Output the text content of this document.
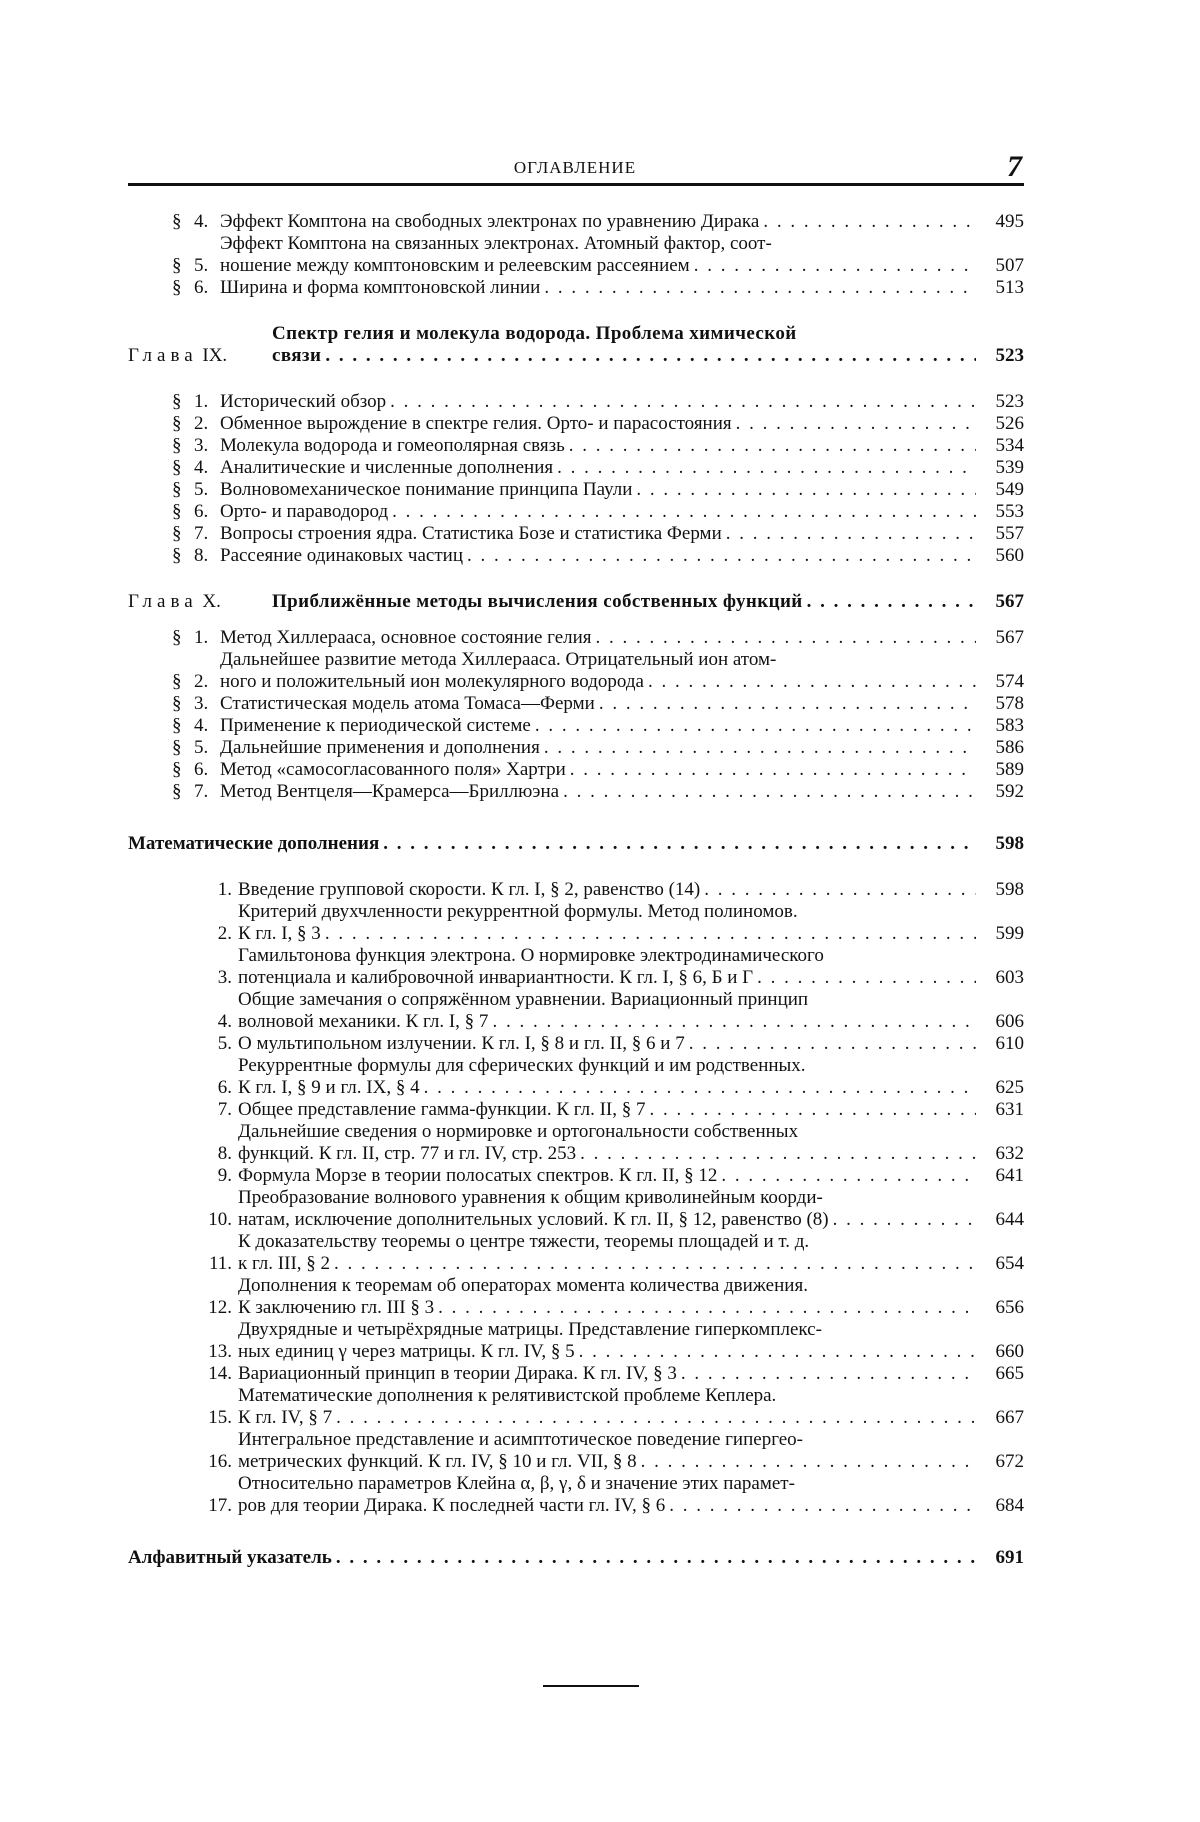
ОГЛАВЛЕНИЕ	7
§ 4. Эффект Комптона на свободных электронах по уравнению Дирака . . .	495
§ 5.
Эффект Комптона на связанных электронах. Атомный фактор, соот-
ношение между комптоновским и релеевским рассеянием . . .	507
§ 6. Ширина и форма комптоновской линии . . .	513
Глава IX.
Спектр гелия и молекула водорода. Проблема химической
связи . . .	523
§ 1. Исторический обзор . . .	523
§ 2. Обменное вырождение в спектре гелия. Орто- и парасостояния . . .	526
§ 3. Молекула водорода и гомеополярная связь . . .	534
§ 4. Аналитические и численные дополнения . . .	539
§ 5. Волновомеханическое понимание принципа Паули . . .	549
§ 6. Орто- и параводород . . .	553
§ 7. Вопросы строения ядра. Статистика Бозе и статистика Ферми . . .	557
§ 8. Рассеяние одинаковых частиц . . .	560
Глава X.	Приближённые методы вычисления собственных функций . . .	567
§ 1. Метод Хиллерааса, основное состояние гелия . . .	567
§ 2.
Дальнейшее развитие метода Хиллерааса. Отрицательный ион атом-
ного и положительный ион молекулярного водорода . . .	574
§ 3. Статистическая модель атома Томаса—Ферми . . .	578
§ 4. Применение к периодической системе . . .	583
§ 5. Дальнейшие применения и дополнения . . .	586
§ 6. Метод «самосогласованного поля» Хартри . . .	589
§ 7. Метод Вентцеля—Крамерса—Бриллюэна . . .	592
Математические дополнения . . .	598
1. Введение групповой скорости. К гл. I, § 2, равенство (14) . . .	598
2.
Критерий двухчленности рекуррентной формулы. Метод полиномов.
К гл. I, § 3 . . .	599
3.
Гамильтонова функция электрона. О нормировке электродинамического
потенциала и калибровочной инвариантности. К гл. I, § 6, Б и Г . . .	603
4.
Общие замечания о сопряжённом уравнении. Вариационный принцип
волновой механики. К гл. I, § 7 . . .	606
5. О мультипольном излучении. К гл. I, § 8 и гл. II, § 6 и 7 . . .	610
6.
Рекуррентные формулы для сферических функций и им родственных.
К гл. I, § 9 и гл. IX, § 4 . . .	625
7. Общее представление гамма-функции. К гл. II, § 7 . . .	631
8.
Дальнейшие сведения о нормировке и ортогональности собственных
функций. К гл. II, стр. 77 и гл. IV, стр. 253 . . .	632
9. Формула Морзе в теории полосатых спектров. К гл. II, § 12 . . .	641
10.
Преобразование волнового уравнения к общим криволинейным коорди-
натам, исключение дополнительных условий. К гл. II, § 12, равенство (8) . . .	644
11.
К доказательству теоремы о центре тяжести, теоремы площадей и т. д.
к гл. III, § 2 . . .	654
12.
Дополнения к теоремам об операторах момента количества движения.
К заключению гл. III § 3 . . .	656
13.
Двухрядные и четырёхрядные матрицы. Представление гиперкомплекс-
ных единиц γ через матрицы. К гл. IV, § 5 . . .	660
14. Вариационный принцип в теории Дирака. К гл. IV, § 3 . . .	665
15.
Математические дополнения к релятивистской проблеме Кеплера.
К гл. IV, § 7 . . .	667
16.
Интегральное представление и асимптотическое поведение гипергео-
метрических функций. К гл. IV, § 10 и гл. VII, § 8 . . .	672
17.
Относительно параметров Клейна α, β, γ, δ и значение этих парамет-
ров для теории Дирака. К последней части гл. IV, § 6 . . .	684
Алфавитный указатель . . .	691
